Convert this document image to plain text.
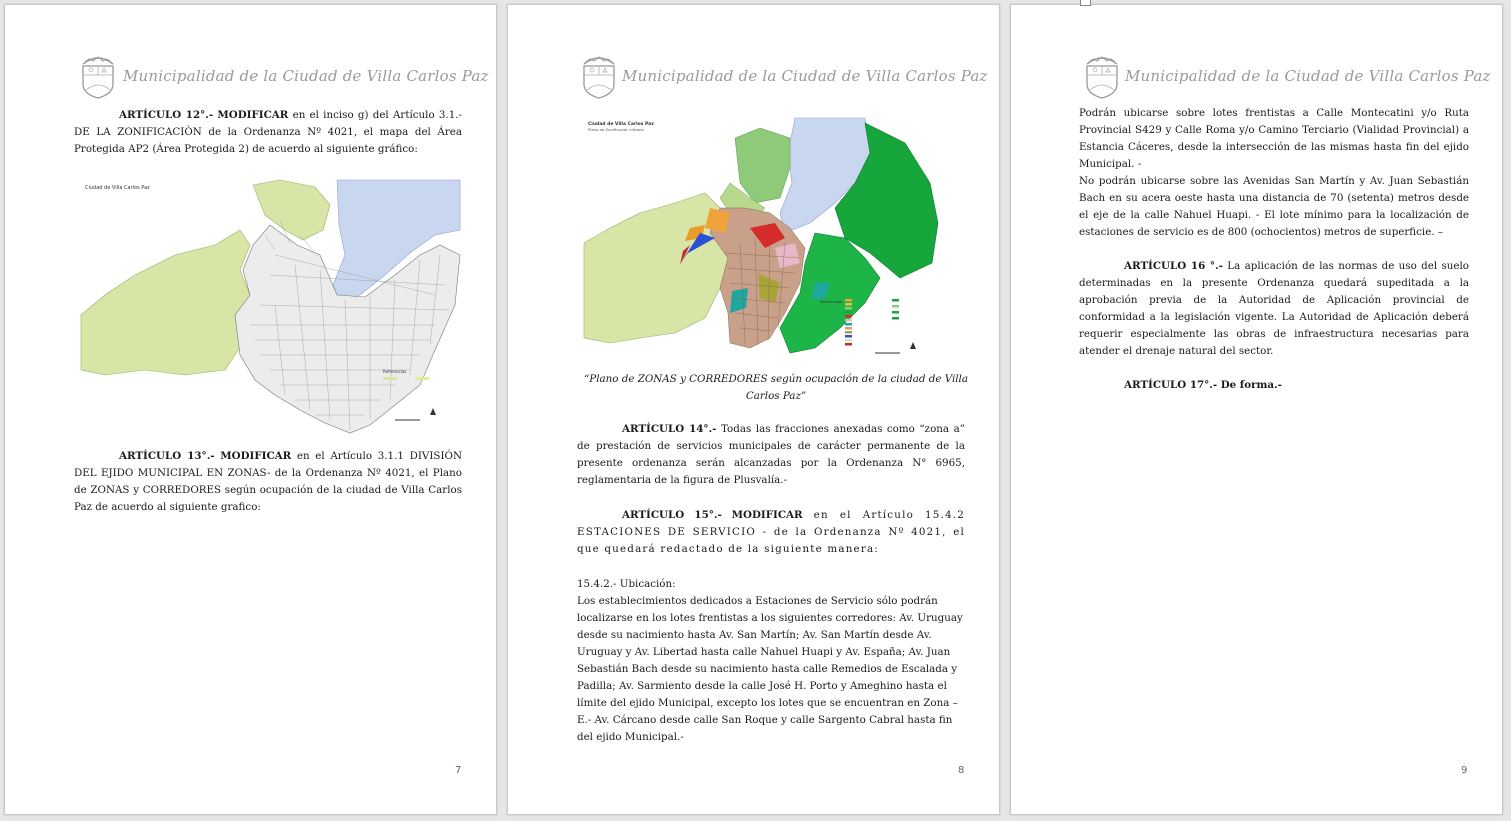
Municipalidad de la Ciudad de Villa Carlos Paz

ARTÍCULO 12°.- MODIFICAR en el inciso g) del Artículo 3.1.-DE LA ZONIFICACIÒN de la Ordenanza Nº 4021, el mapa del Área Protegida AP2 (Área Protegida 2) de acuerdo al siguiente gráfico:

Ciudad de Villa Carlos Paz
Referencias

ARTÍCULO 13°.- MODIFICAR en el Artículo 3.1.1 DIVISIÓN DEL EJIDO MUNICIPAL EN ZONAS- de la Ordenanza Nº 4021, el Plano de ZONAS y CORREDORES según ocupación de la ciudad de Villa Carlos Paz de acuerdo al siguiente grafico:

7
Municipalidad de la Ciudad de Villa Carlos Paz
Ciudad de Villa Carlos Paz
Plano de Zonificación Urbana
Referencias
“Plano de ZONAS y CORREDORES según ocupación de la ciudad de Villa Carlos Paz”

ARTÍCULO 14°.- Todas las fracciones anexadas como “zona a” de prestación de servicios municipales de carácter permanente de la presente ordenanza serán alcanzadas por la Ordenanza N° 6965, reglamentaria de la figura de Plusvalía.-

ARTÍCULO 15°.- MODIFICAR en el Artículo 15.4.2 ESTACIONES DE SERVICIO - de la Ordenanza Nº 4021, el que quedará redactado de la siguiente manera:

15.4.2.- Ubicación:

Los establecimientos dedicados a Estaciones de Servicio sólo podrán localizarse en los lotes frentistas a los siguientes corredores: Av. Uruguay desde su nacimiento hasta Av. San Martín; Av. San Martín desde Av. Uruguay y Av. Libertad hasta calle Nahuel Huapi y Av. España; Av. Juan Sebastián Bach desde su nacimiento hasta calle Remedios de Escalada y Padilla; Av. Sarmiento desde la calle José H. Porto y Ameghino hasta el límite del ejido Municipal, excepto los lotes que se encuentran en Zona –E.- Av. Cárcano desde calle San Roque y calle Sargento Cabral hasta fin del ejido Municipal.-

8
Municipalidad de la Ciudad de Villa Carlos Paz

Podrán ubicarse sobre lotes frentistas a Calle Montecatini y/o Ruta Provincial S429 y Calle Roma y/o Camino Terciario (Vialidad Provincial) a Estancia Cáceres, desde la intersección de las mismas hasta fin del ejido Municipal. -

No podrán ubicarse sobre las Avenidas San Martín y Av. Juan Sebastián Bach en su acera oeste hasta una distancia de 70 (setenta) metros desde el eje de la calle Nahuel Huapi. - El lote mínimo para la localización de estaciones de servicio es de 800 (ochocientos) metros de superficie. –

ARTÍCULO 16 °.- La aplicación de las normas de uso del suelo determinadas en la presente Ordenanza quedará supeditada a la aprobación previa de la Autoridad de Aplicación provincial de conformidad a la legislación vigente. La Autoridad de Aplicación deberá requerir especialmente las obras de infraestructura necesarias para atender el drenaje natural del sector.

ARTÍCULO 17°.- De forma.-

9
